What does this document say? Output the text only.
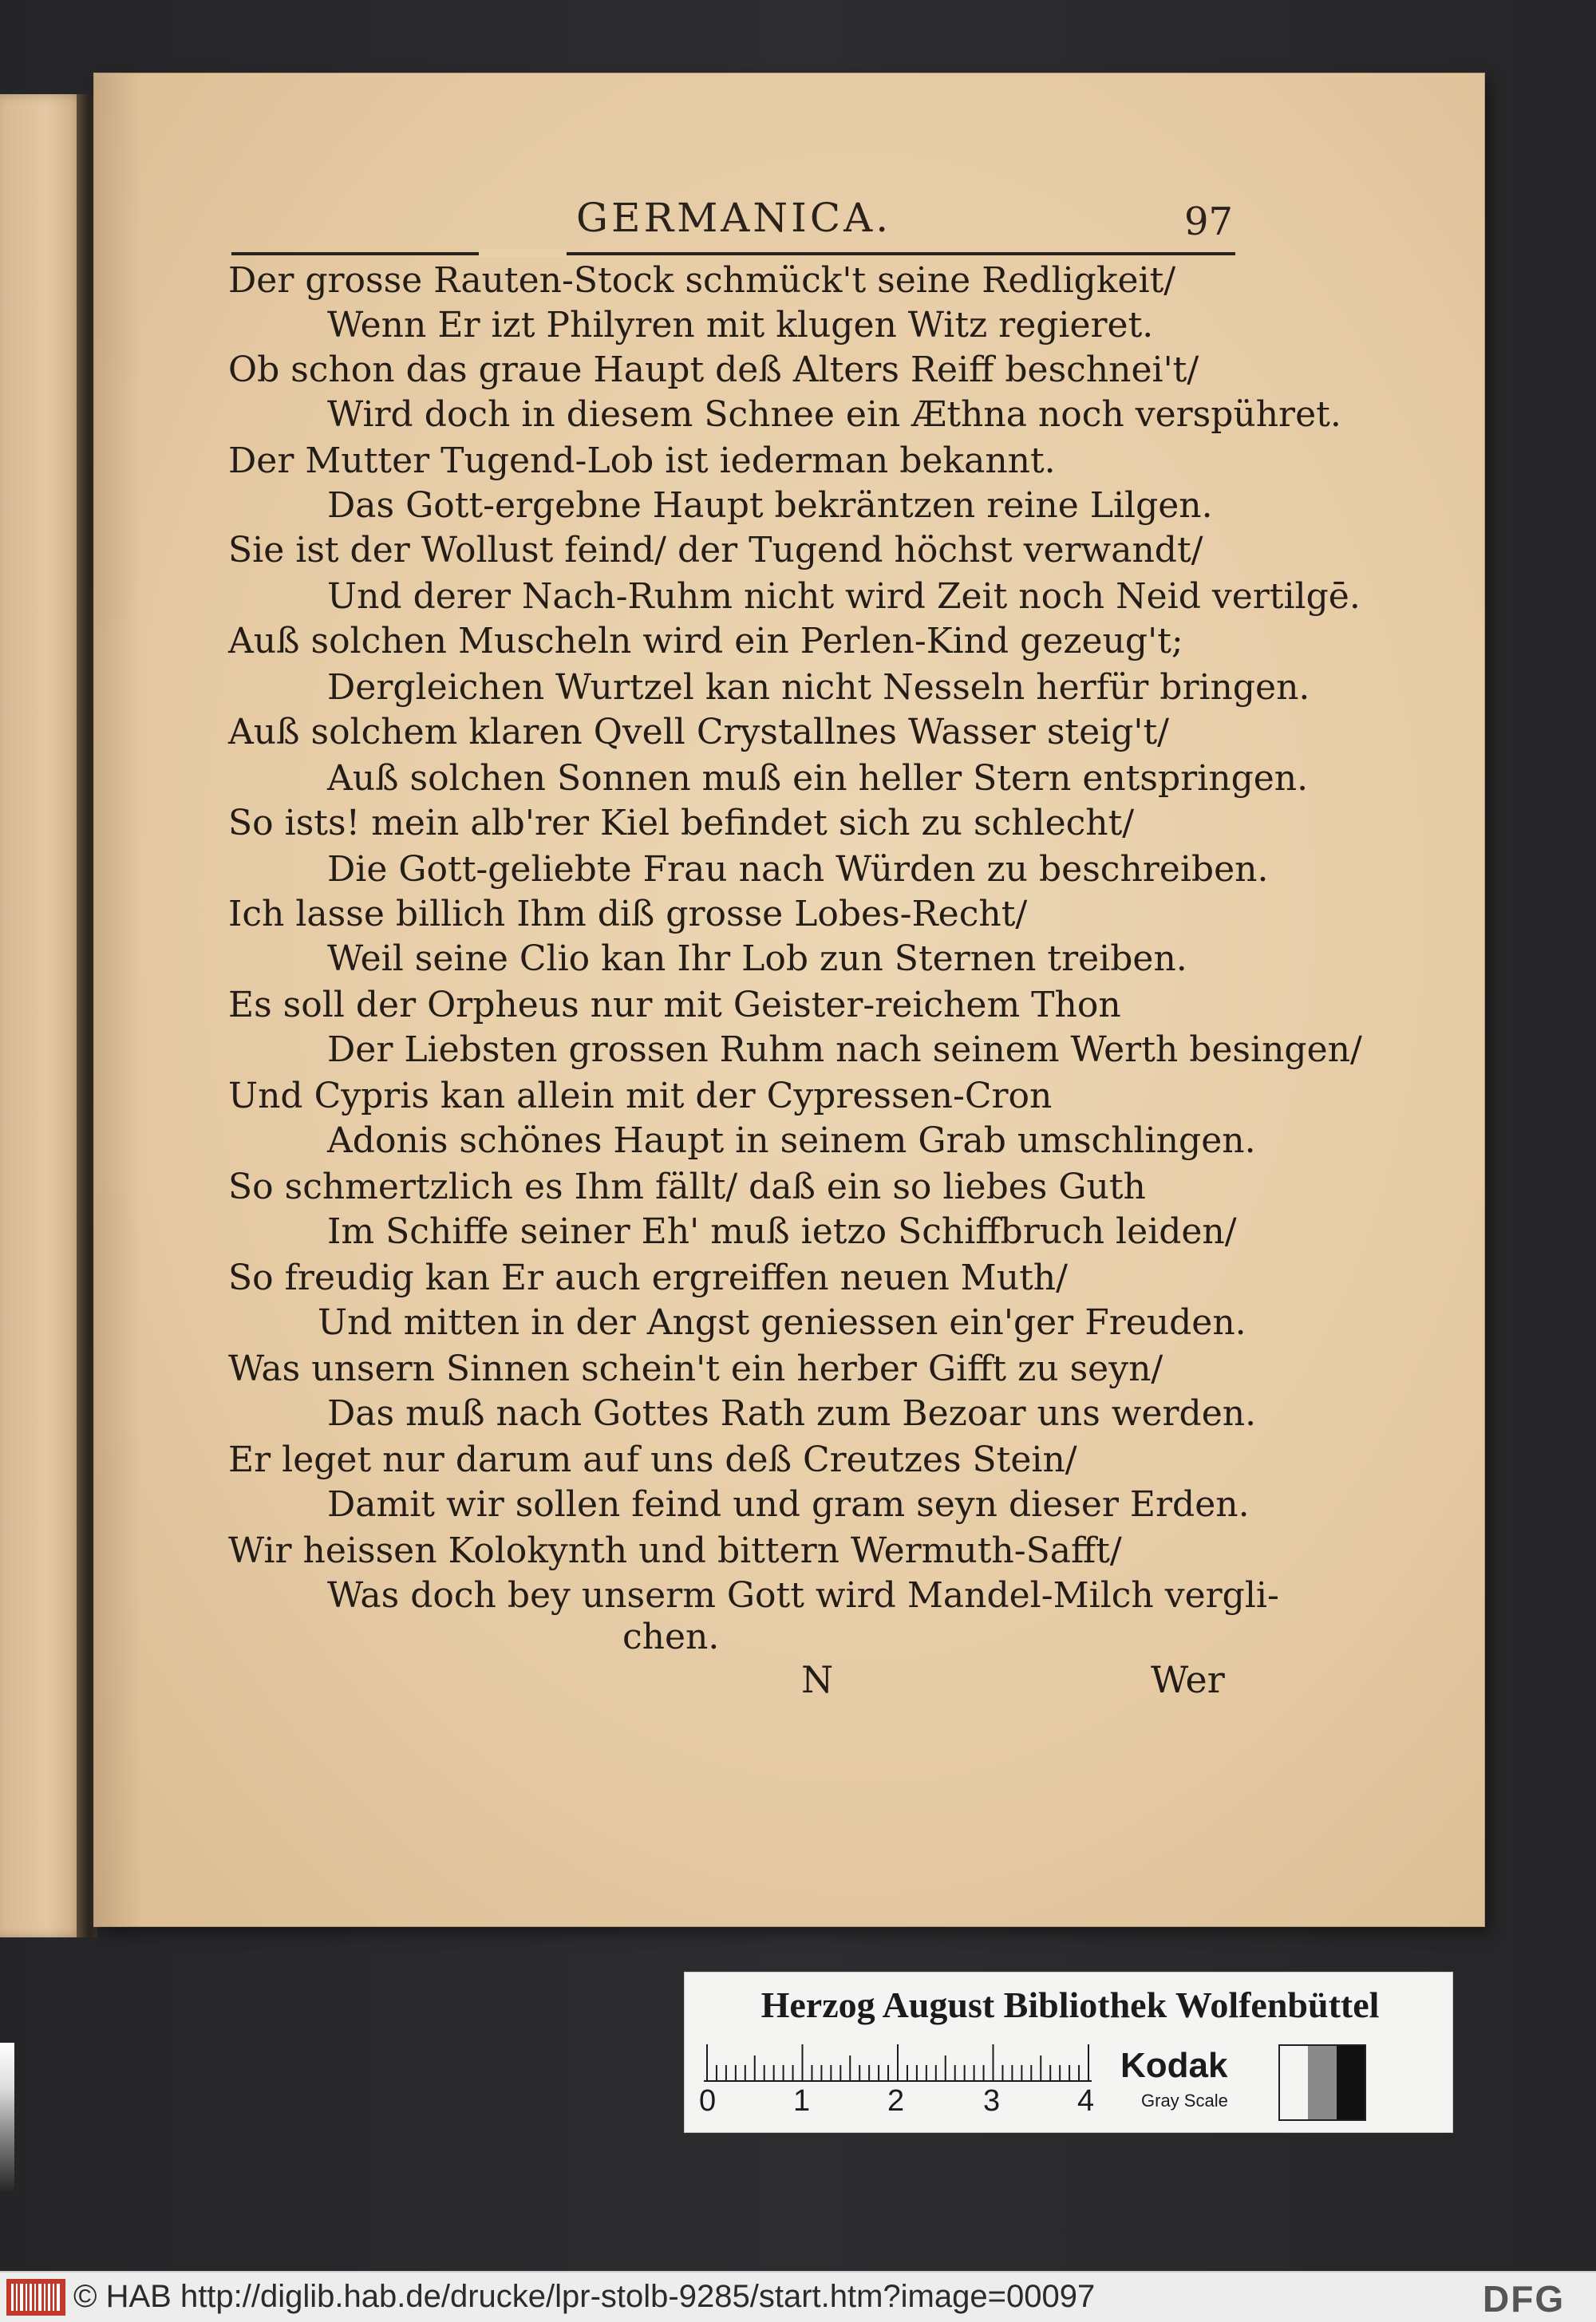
GERMANICA.	97
Der grosse Rauten-Stock schmück't seine Redligkeit/
Wenn Er izt Philyren mit klugen Witz regieret.
Ob schon das graue Haupt deß Alters Reiff beschnei't/
Wird doch in diesem Schnee ein Æthna noch verspühret.
Der Mutter Tugend-Lob ist iederman bekannt.
Das Gott-ergebne Haupt bekräntzen reine Lilgen.
Sie ist der Wollust feind/ der Tugend höchst verwandt/
Und derer Nach-Ruhm nicht wird Zeit noch Neid vertilgē.
Auß solchen Muscheln wird ein Perlen-Kind gezeug't;
Dergleichen Wurtzel kan nicht Nesseln herfür bringen.
Auß solchem klaren Qvell Crystallnes Wasser steig't/
Auß solchen Sonnen muß ein heller Stern entspringen.
So ists! mein alb'rer Kiel befindet sich zu schlecht/
Die Gott-geliebte Frau nach Würden zu beschreiben.
Ich lasse billich Ihm diß grosse Lobes-Recht/
Weil seine Clio kan Ihr Lob zun Sternen treiben.
Es soll der Orpheus nur mit Geister-reichem Thon
Der Liebsten grossen Ruhm nach seinem Werth besingen/
Und Cypris kan allein mit der Cypressen-Cron
Adonis schönes Haupt in seinem Grab umschlingen.
So schmertzlich es Ihm fällt/ daß ein so liebes Guth
Im Schiffe seiner Eh' muß ietzo Schiffbruch leiden/
So freudig kan Er auch ergreiffen neuen Muth/
Und mitten in der Angst geniessen ein'ger Freuden.
Was unsern Sinnen schein't ein herber Gifft zu seyn/
Das muß nach Gottes Rath zum Bezoar uns werden.
Er leget nur darum auf uns deß Creutzes Stein/
Damit wir sollen feind und gram seyn dieser Erden.
Wir heissen Kolokynth und bittern Wermuth-Safft/
Was doch bey unserm Gott wird Mandel-Milch vergli-
chen.
N	Wer
Herzog August Bibliothek Wolfenbüttel
0	1	2	3	4
Kodak
Gray Scale
© HAB http://diglib.hab.de/drucke/lpr-stolb-9285/start.htm?image=00097	DFG
